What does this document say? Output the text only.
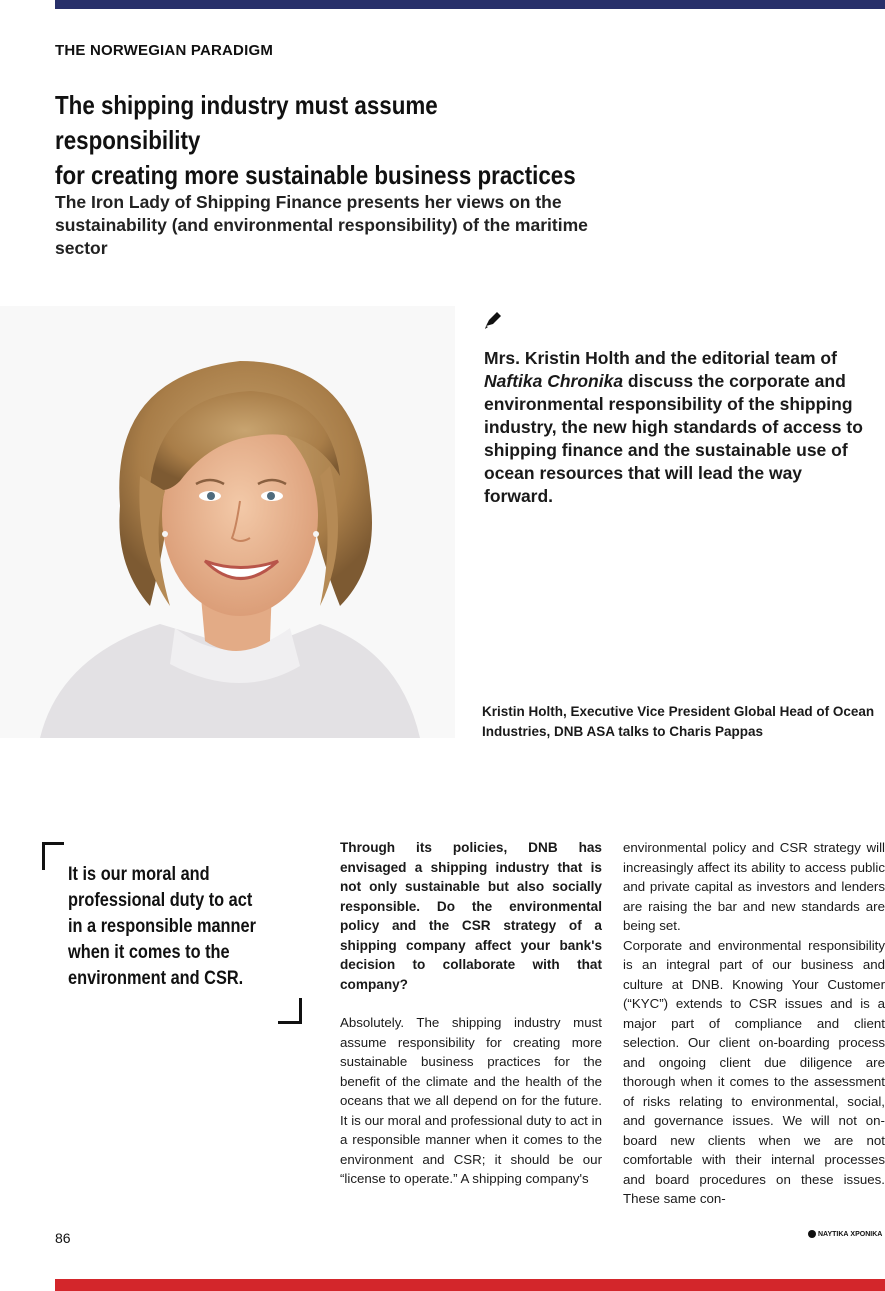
THE NORWEGIAN PARADIGM
The shipping industry must assume responsibility
for creating more sustainable business practices

The Iron Lady of Shipping Finance presents her views on the sustainability (and environmental responsibility) of the maritime sector

Mrs. Kristin Holth and the editorial team of Naftika Chronika discuss the corporate and environmental responsibility of the shipping industry, the new high standards of access to shipping finance and the sustainable use of ocean resources that will lead the way forward.

Kristin Holth, Executive Vice President Global Head of Ocean Industries, DNB ASA talks to Charis Pappas

It is our moral and professional duty to act in a responsible manner when it comes to the environment and CSR.

Through its policies, DNB has envisaged a shipping industry that is not only sustainable but also socially responsible. Do the environmental policy and the CSR strategy of a shipping company affect your bank's decision to collaborate with that company?

Absolutely. The shipping industry must assume responsibility for creating more sustainable business practices for the benefit of the climate and the health of the oceans that we all depend on for the future. It is our moral and professional duty to act in a responsible manner when it comes to the environment and CSR; it should be our “license to operate.” A shipping company's

environmental policy and CSR strategy will increasingly affect its ability to access public and private capital as investors and lenders are raising the bar and new standards are being set.

Corporate and environmental responsibility is an integral part of our business and culture at DNB. Knowing Your Customer (“KYC”) extends to CSR issues and is a major part of compliance and client selection. Our client on-boarding process and ongoing client due diligence are thorough when it comes to the assessment of risks relating to environmental, social, and governance issues. We will not on-board new clients when we are not comfortable with their internal processes and board procedures on these issues. These same con-

86	ΝΑΥΤΙΚΑ ΧΡΟΝΙΚΑ
